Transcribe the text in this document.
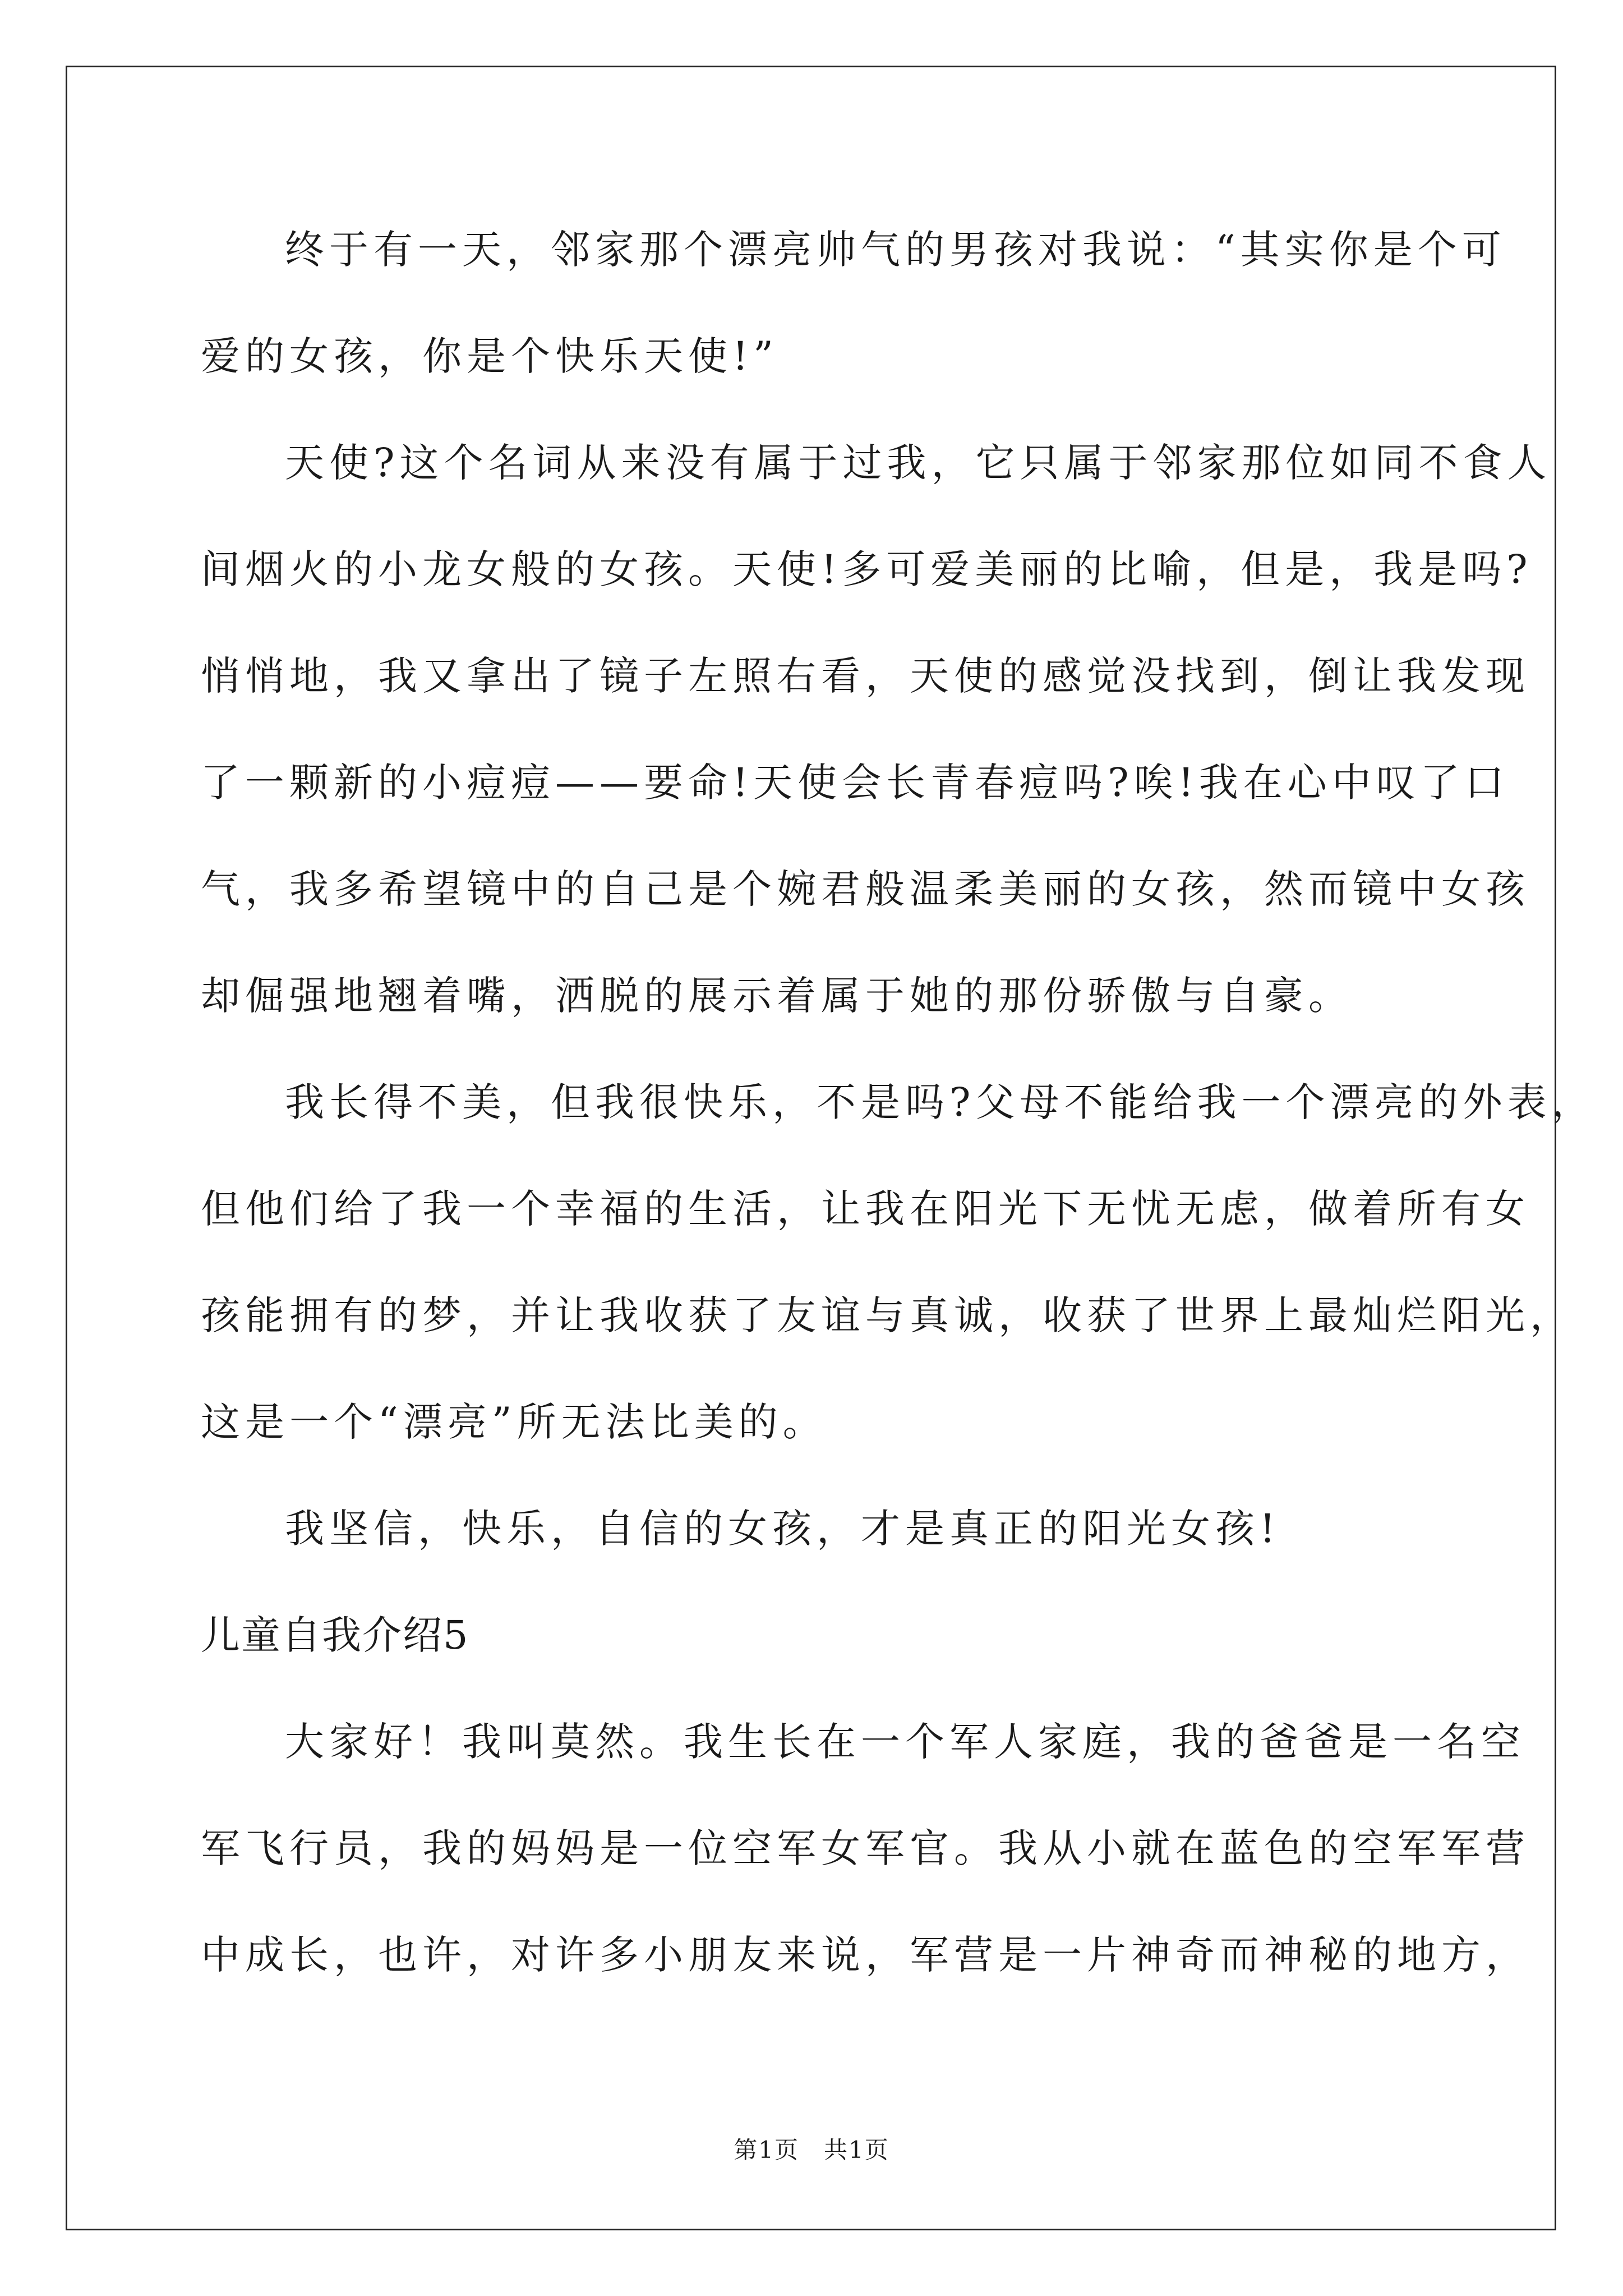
终于有一天，邻家那个漂亮帅气的男孩对我说：“其实你是个可
爱的女孩，你是个快乐天使!”
天使?这个名词从来没有属于过我，它只属于邻家那位如同不食人
间烟火的小龙女般的女孩。天使!多可爱美丽的比喻，但是，我是吗?
悄悄地，我又拿出了镜子左照右看，天使的感觉没找到，倒让我发现
了一颗新的小痘痘——要命!天使会长青春痘吗?唉!我在心中叹了口
气，我多希望镜中的自己是个婉君般温柔美丽的女孩，然而镜中女孩
却倔强地翘着嘴，洒脱的展示着属于她的那份骄傲与自豪。
我长得不美，但我很快乐，不是吗?父母不能给我一个漂亮的外表，
但他们给了我一个幸福的生活，让我在阳光下无忧无虑，做着所有女
孩能拥有的梦，并让我收获了友谊与真诚，收获了世界上最灿烂阳光，
这是一个“漂亮”所无法比美的。
我坚信，快乐，自信的女孩，才是真正的阳光女孩!
儿童自我介绍5
大家好！我叫莫然。我生长在一个军人家庭，我的爸爸是一名空
军飞行员，我的妈妈是一位空军女军官。我从小就在蓝色的空军军营
中成长，也许，对许多小朋友来说，军营是一片神奇而神秘的地方，
第1页　共1页
